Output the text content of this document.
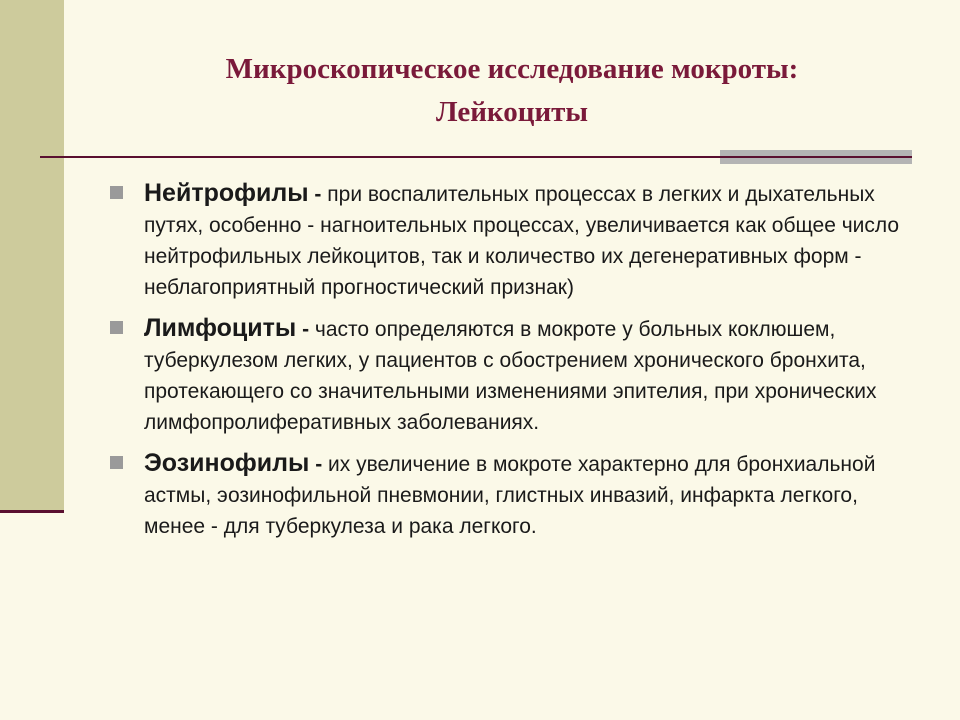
Микроскопическое исследование мокроты:
Лейкоциты
Нейтрофилы - при воспалительных процессах в легких и дыхательных путях, особенно - нагноительных процессах, увеличивается как общее число нейтрофильных лейкоцитов, так и количество их дегенеративных форм - неблагоприятный прогностический признак)
Лимфоциты - часто определяются в мокроте у больных коклюшем, туберкулезом легких, у пациентов с обострением хронического бронхита, протекающего со значительными изменениями эпителия, при хронических лимфопролиферативных заболеваниях.
Эозинофилы - их увеличение в мокроте характерно для бронхиальной астмы, эозинофильной пневмонии, глистных инвазий, инфаркта легкого, менее - для туберкулеза и рака легкого.
